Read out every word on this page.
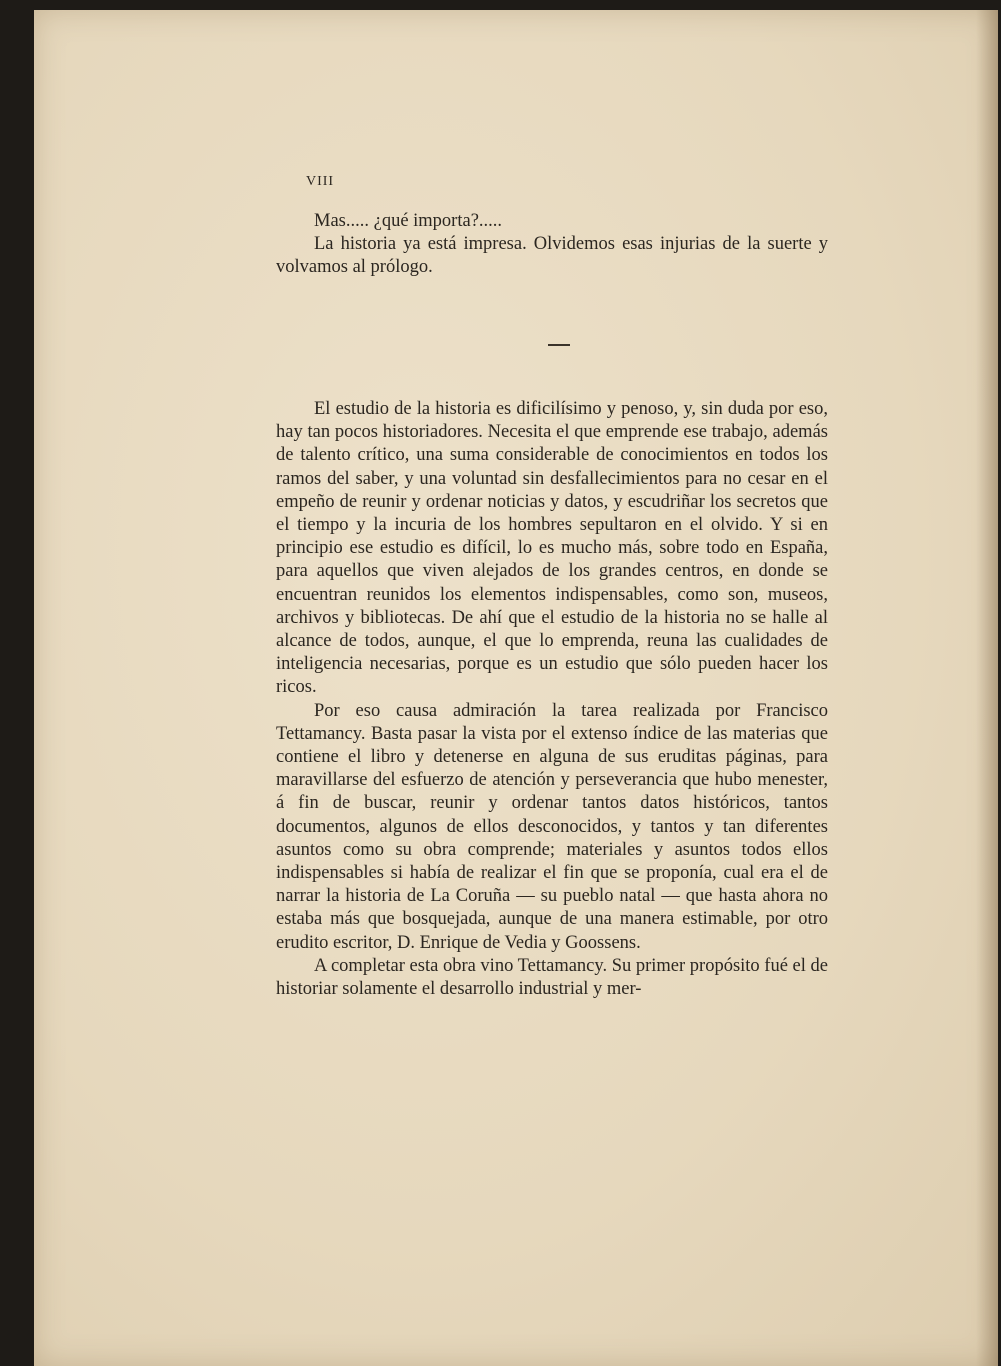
VIII

Mas..... ¿qué importa?.....

La historia ya está impresa. Olvidemos esas injurias de la suerte y volvamos al prólogo.

El estudio de la historia es dificilísimo y penoso, y, sin duda por eso, hay tan pocos historiadores. Necesita el que emprende ese trabajo, además de talento crítico, una suma considerable de conocimientos en todos los ramos del saber, y una voluntad sin desfallecimientos para no cesar en el empeño de reunir y ordenar noticias y datos, y escudriñar los secretos que el tiempo y la incuria de los hombres sepultaron en el olvido. Y si en principio ese estudio es difícil, lo es mucho más, sobre todo en España, para aquellos que viven alejados de los grandes centros, en donde se encuentran reunidos los elementos indispensables, como son, museos, archivos y bibliotecas. De ahí que el estudio de la historia no se halle al alcance de todos, aunque, el que lo emprenda, reuna las cualidades de inteligencia necesarias, porque es un estudio que sólo pueden hacer los ricos.

Por eso causa admiración la tarea realizada por Francisco Tettamancy. Basta pasar la vista por el extenso índice de las materias que contiene el libro y detenerse en alguna de sus eruditas páginas, para maravillarse del esfuerzo de atención y perseverancia que hubo menester, á fin de buscar, reunir y ordenar tantos datos históricos, tantos documentos, algunos de ellos desconocidos, y tantos y tan diferentes asuntos como su obra comprende; materiales y asuntos todos ellos indispensables si había de realizar el fin que se proponía, cual era el de narrar la historia de La Coruña — su pueblo natal — que hasta ahora no estaba más que bosquejada, aunque de una manera estimable, por otro erudito escritor, D. Enrique de Vedia y Goossens.

A completar esta obra vino Tettamancy. Su primer propósito fué el de historiar solamente el desarrollo industrial y mer-
